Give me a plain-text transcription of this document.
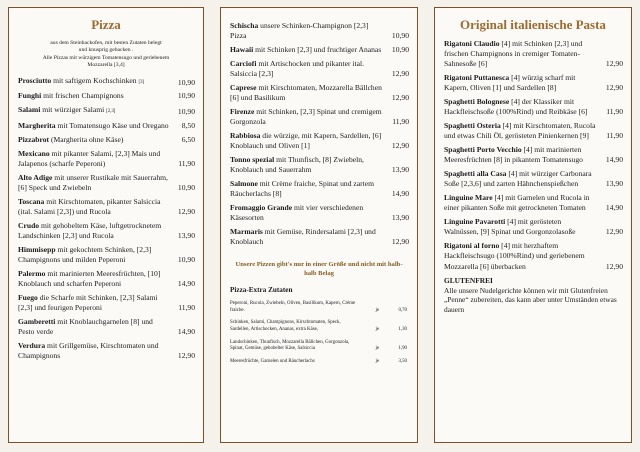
Pizza
aus dem Steinbackofen, mit besten Zutaten belegt
und knusprig gebacken .
Alle Pizzas mit würzigem Tomatensugo und geriebenem
Mozzarella [3,4]
Prosciutto mit saftigem Kochschinken [3]	10,90
Funghi mit frischen Champignons	10,90
Salami mit würziger Salami [2,3]	10,90
Margherita mit Tomatensugo Käse und Oregano 8,50
Pizzabrot (Margherita ohne Käse)	6,50
Mexicano mit pikanter Salami, [2,3] Mais und Jalapenos (scharfe Peperoni)	11,90
Alto Adige mit unserer Rustikale mit Sauerrahm, [6] Speck und Zwiebeln	10,90
Toscana mit Kirschtomaten, pikanter Salsiccia (ital. Salami [2,3]) und Rucola	12,90
Crudo mit gehobeltem Käse, luftgetrocknetem Landschinken [2,3] und Rucola	13,90
Himmisepp mit gekochtem Schinken, [2,3] Champignons und milden Peperoni	10,90
Palermo mit marinierten Meeresfrüchten, [10] Knoblauch und scharfen Peperoni	14,90
Fuego die Scharfe mit Schinken, [2,3] Salami [2,3] und feurigen Peperoni	11,90
Gamberetti mit Knoblauchgarnelen [8] und Pesto verde	14,90
Verdura mit Grillgemüse, Kirschtomaten und Champignons	12,90
Schischa unsere Schinken-Champignon [2,3] Pizza	10,90
Hawaii mit Schinken [2,3] und fruchtiger Ananas 10,90
Carciofi mit Artischocken und pikanter ital. Salsiccia [2,3]	12,90
Caprese mit Kirschtomaten, Mozzarella Bällchen [6] und Basilikum	12,90
Firenze mit Schinken, [2,3] Spinat und cremigem Gorgonzola	11,90
Rabbiosa die würzige, mit Kapern, Sardellen, [6] Knoblauch und Oliven [1]	12,90
Tonno spezial mit Thunfisch, [8] Zwiebeln, Knoblauch und Sauerrahm	13,90
Salmone mit Crème fraiche, Spinat und zartem Räucherlachs [8]	14,90
Fromaggio Grande mit vier verschiedenen Käsesorten	13,90
Marmaris mit Gemüse, Rindersalami [2,3] und Knoblauch	12,90
Unsere Pizzen gibt's nur in einer Größe und nicht mit halb-halb Belag
Pizza-Extra Zutaten
Peperoni, Rucola, Zwiebeln, Oliven, Basilikum, Kapern, Crème fraiche.	je	0,70
Schinken, Salami, Champignons, Kirschtomaten, Speck, Sardellen, Artischocken, Ananas, extra Käse,	je	1,30
Landschinken, Thunfisch, Mozzarella Bällchen, Gorgonzola, Spinat, Gemüse, gehobelter Käse, Salsiccia	je	1,90
Meeresfrüchte, Garnelen und Räucherlachs	je	3,50
Original italienische Pasta
Rigatoni Claudio [4] mit Schinken [2,3] und frischen Champignons in cremiger Tomaten-Sahnesoße [6]	12,90
Rigatoni Puttanesca [4] würzig scharf mit Kapern, Oliven [1] und Sardellen [8]	12,90
Spaghetti Bolognese [4] der Klassiker mit Hackfleischsoße (100%Rind) und Reibkäse [6] 11,90
Spaghetti Osteria [4] mit Kirschtomaten, Rucola und etwas Chili Öl, gerösteten Pinienkernen [9] 11,90
Spaghetti Porto Vecchio [4] mit marinierten Meeresfrüchten [8] in pikantem Tomatensugo	14,90
Spaghetti alla Casa [4] mit würziger Carbonara Soße [2,3,6] und zarten Hähnchenspießchen	13,90
Linguine Mare [4] mit Garnelen und Rucola in einer pikanten Soße mit getrockneten Tomaten	14,90
Linguine Pavarotti [4] mit gerösteten Walnüssen, [9] Spinat und Gorgonzolasoße	12,90
Rigatoni al forno [4] mit herzhaftem Hackfleischsugo (100%Rind) und geriebenem Mozzarella [6] überbacken	12,90
GLUTENFREI
Alle unsere Nudelgerichte können wir mit Glutenfreien „Penne“ zubereiten, das kann aber unter Umständen etwas dauern
